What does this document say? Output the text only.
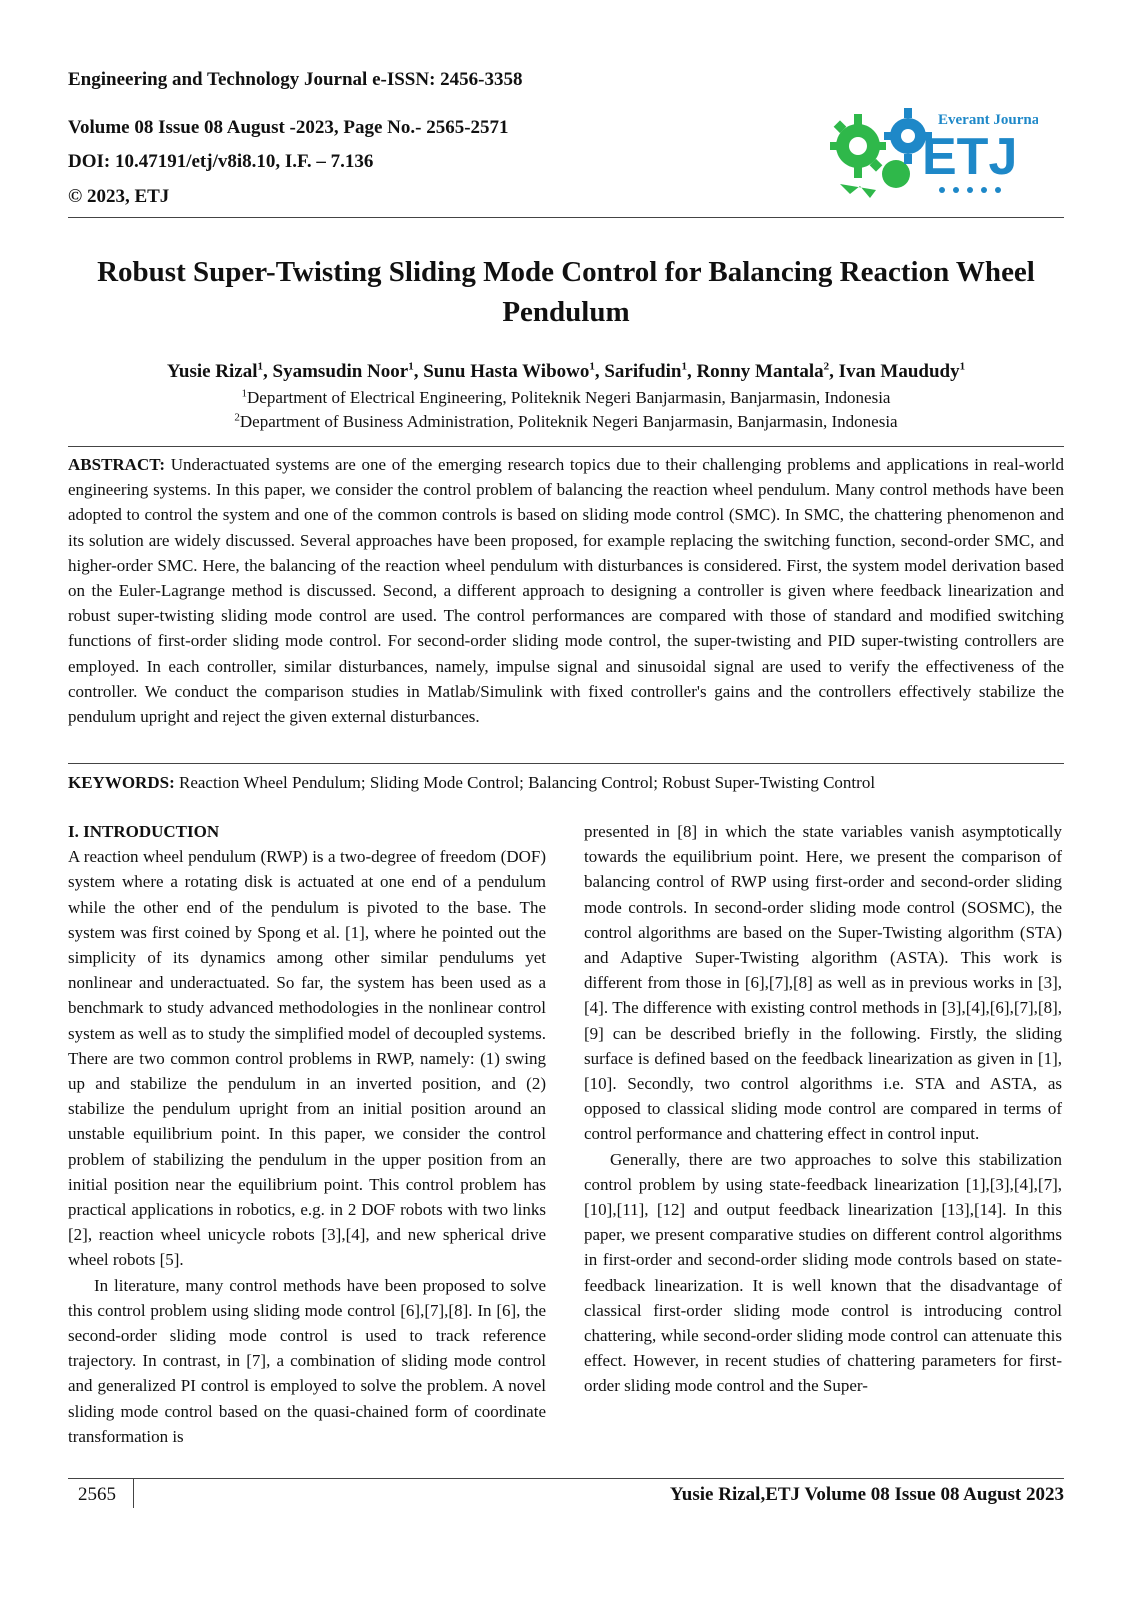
Engineering and Technology Journal e-ISSN: 2456-3358
Volume 08 Issue 08 August -2023, Page No.- 2565-2571
DOI: 10.47191/etj/v8i8.10, I.F. – 7.136
© 2023, ETJ
Everant Journal
ETJ
Robust Super-Twisting Sliding Mode Control for Balancing Reaction Wheel Pendulum
Yusie Rizal$^1$, Syamsudin Noor$^1$, Sunu Hasta Wibowo$^1$, Sarifudin$^1$, Ronny Mantala$^2$, Ivan Maududy$^1$
$^1$Department of Electrical Engineering, Politeknik Negeri Banjarmasin, Banjarmasin, Indonesia
$^2$Department of Business Administration, Politeknik Negeri Banjarmasin, Banjarmasin, Indonesia
ABSTRACT: Underactuated systems are one of the emerging research topics due to their challenging problems and applications in real-world engineering systems. In this paper, we consider the control problem of balancing the reaction wheel pendulum. Many control methods have been adopted to control the system and one of the common controls is based on sliding mode control (SMC). In SMC, the chattering phenomenon and its solution are widely discussed. Several approaches have been proposed, for example replacing the switching function, second-order SMC, and higher-order SMC. Here, the balancing of the reaction wheel pendulum with disturbances is considered. First, the system model derivation based on the Euler-Lagrange method is discussed. Second, a different approach to designing a controller is given where feedback linearization and robust super-twisting sliding mode control are used. The control performances are compared with those of standard and modified switching functions of first-order sliding mode control. For second-order sliding mode control, the super-twisting and PID super-twisting controllers are employed. In each controller, similar disturbances, namely, impulse signal and sinusoidal signal are used to verify the effectiveness of the controller. We conduct the comparison studies in Matlab/Simulink with fixed controller's gains and the controllers effectively stabilize the pendulum upright and reject the given external disturbances.
KEYWORDS: Reaction Wheel Pendulum; Sliding Mode Control; Balancing Control; Robust Super-Twisting Control
I. INTRODUCTION

A reaction wheel pendulum (RWP) is a two-degree of freedom (DOF) system where a rotating disk is actuated at one end of a pendulum while the other end of the pendulum is pivoted to the base. The system was first coined by Spong et al. [1], where he pointed out the simplicity of its dynamics among other similar pendulums yet nonlinear and underactuated. So far, the system has been used as a benchmark to study advanced methodologies in the nonlinear control system as well as to study the simplified model of decoupled systems. There are two common control problems in RWP, namely: (1) swing up and stabilize the pendulum in an inverted position, and (2) stabilize the pendulum upright from an initial position around an unstable equilibrium point. In this paper, we consider the control problem of stabilizing the pendulum in the upper position from an initial position near the equilibrium point. This control problem has practical applications in robotics, e.g. in 2 DOF robots with two links [2], reaction wheel unicycle robots [3],[4], and new spherical drive wheel robots [5].

In literature, many control methods have been proposed to solve this control problem using sliding mode control [6],[7],[8]. In [6], the second-order sliding mode control is used to track reference trajectory. In contrast, in [7], a combination of sliding mode control and generalized PI control is employed to solve the problem. A novel sliding mode control based on the quasi-chained form of coordinate transformation is

presented in [8] in which the state variables vanish asymptotically towards the equilibrium point. Here, we present the comparison of balancing control of RWP using first-order and second-order sliding mode controls. In second-order sliding mode control (SOSMC), the control algorithms are based on the Super-Twisting algorithm (STA) and Adaptive Super-Twisting algorithm (ASTA). This work is different from those in [6],[7],[8] as well as in previous works in [3],[4]. The difference with existing control methods in [3],[4],[6],[7],[8],[9] can be described briefly in the following. Firstly, the sliding surface is defined based on the feedback linearization as given in [1],[10]. Secondly, two control algorithms i.e. STA and ASTA, as opposed to classical sliding mode control are compared in terms of control performance and chattering effect in control input.

Generally, there are two approaches to solve this stabilization control problem by using state-feedback linearization [1],[3],[4],[7],[10],[11], [12] and output feedback linearization [13],[14]. In this paper, we present comparative studies on different control algorithms in first-order and second-order sliding mode controls based on state-feedback linearization. It is well known that the disadvantage of classical first-order sliding mode control is introducing control chattering, while second-order sliding mode control can attenuate this effect. However, in recent studies of chattering parameters for first-order sliding mode control and the Super-

2565	Yusie Rizal,ETJ Volume 08 Issue 08 August 2023
